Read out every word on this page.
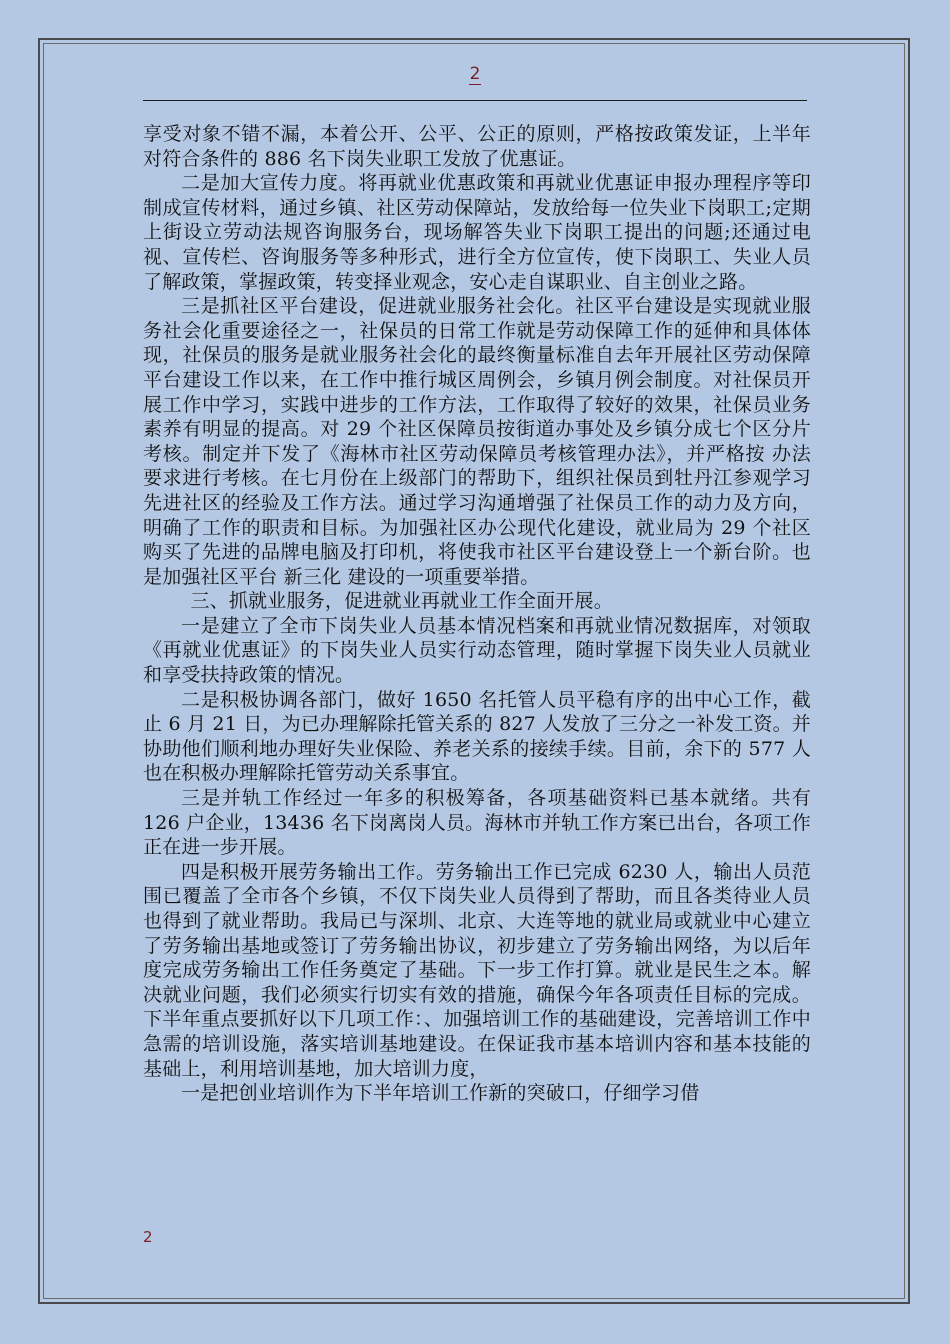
2

享受对象不错不漏，本着公开、公平、公正的原则，严格按政策发证，上半年对符合条件的 886 名下岗失业职工发放了优惠证。

二是加大宣传力度。将再就业优惠政策和再就业优惠证申报办理程序等印制成宣传材料，通过乡镇、社区劳动保障站，发放给每一位失业下岗职工;定期上街设立劳动法规咨询服务台，现场解答失业下岗职工提出的问题;还通过电视、宣传栏、咨询服务等多种形式，进行全方位宣传，使下岗职工、失业人员了解政策，掌握政策，转变择业观念，安心走自谋职业、自主创业之路。

三是抓社区平台建设，促进就业服务社会化。社区平台建设是实现就业服务社会化重要途径之一，社保员的日常工作就是劳动保障工作的延伸和具体体现，社保员的服务是就业服务社会化的最终衡量标准自去年开展社区劳动保障平台建设工作以来，在工作中推行城区周例会，乡镇月例会制度。对社保员开展工作中学习，实践中进步的工作方法，工作取得了较好的效果，社保员业务素养有明显的提高。对 29 个社区保障员按街道办事处及乡镇分成七个区分片考核。制定并下发了《海林市社区劳动保障员考核管理办法》，并严格按 办法 要求进行考核。在七月份在上级部门的帮助下，组织社保员到牡丹江参观学习先进社区的经验及工作方法。通过学习沟通增强了社保员工作的动力及方向，明确了工作的职责和目标。为加强社区办公现代化建设，就业局为 29 个社区购买了先进的品牌电脑及打印机，将使我市社区平台建设登上一个新台阶。也是加强社区平台 新三化 建设的一项重要举措。

三、抓就业服务，促进就业再就业工作全面开展。

一是建立了全市下岗失业人员基本情况档案和再就业情况数据库，对领取《再就业优惠证》的下岗失业人员实行动态管理，随时掌握下岗失业人员就业和享受扶持政策的情况。

二是积极协调各部门，做好 1650 名托管人员平稳有序的出中心工作，截止 6 月 21 日，为已办理解除托管关系的 827 人发放了三分之一补发工资。并协助他们顺利地办理好失业保险、养老关系的接续手续。目前，余下的 577 人也在积极办理解除托管劳动关系事宜。

三是并轨工作经过一年多的积极筹备，各项基础资料已基本就绪。共有 126 户企业，13436 名下岗离岗人员。海林市并轨工作方案已出台，各项工作正在进一步开展。

四是积极开展劳务输出工作。劳务输出工作已完成 6230 人，输出人员范围已覆盖了全市各个乡镇，不仅下岗失业人员得到了帮助，而且各类待业人员也得到了就业帮助。我局已与深圳、北京、大连等地的就业局或就业中心建立了劳务输出基地或签订了劳务输出协议，初步建立了劳务输出网络，为以后年度完成劳务输出工作任务奠定了基础。下一步工作打算。就业是民生之本。解决就业问题，我们必须实行切实有效的措施，确保今年各项责任目标的完成。下半年重点要抓好以下几项工作：、加强培训工作的基础建设，完善培训工作中急需的培训设施，落实培训基地建设。在保证我市基本培训内容和基本技能的基础上，利用培训基地，加大培训力度，

一是把创业培训作为下半年培训工作新的突破口，仔细学习借

2
